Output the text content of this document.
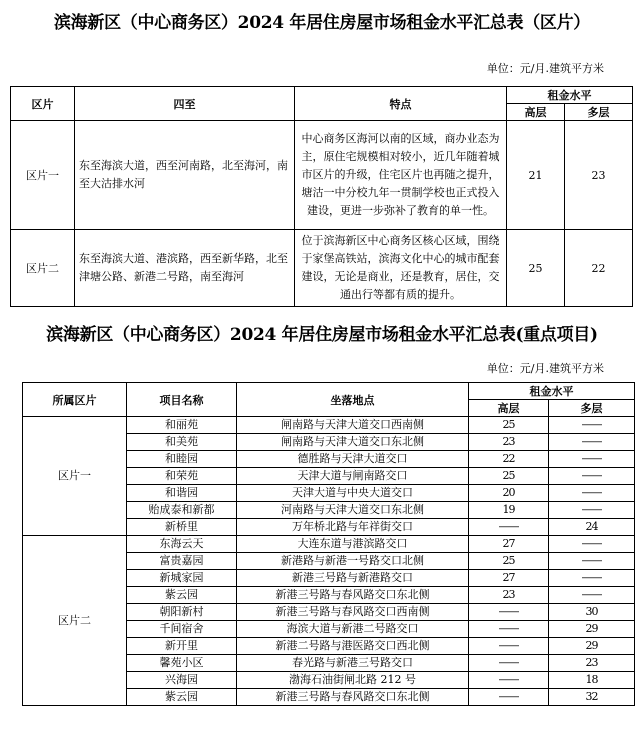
滨海新区（中心商务区）2024 年居住房屋市场租金水平汇总表（区片）
单位：元/月.建筑平方米
区片	四至	特点	租金水平	
			高层	多层
区片一	东至海滨大道，西至河南路，北至海河，南至大沽排水河	中心商务区海河以南的区域，商办业态为主，原住宅规模相对较小，近几年随着城市区片的升级，住宅区片也再随之提升，塘沽一中分校九年一贯制学校也正式投入建设，更进一步弥补了教育的单一性。	21	23
区片二	东至海滨大道、港滨路，西至新华路，北至津塘公路、新港二号路，南至海河	位于滨海新区中心商务区核心区域，围绕于家堡高铁站，滨海文化中心的城市配套建设，无论是商业，还是教育，居住，交通出行等都有质的提升。	25	22
滨海新区（中心商务区）2024 年居住房屋市场租金水平汇总表(重点项目)
单位：元/月.建筑平方米
所属区片	项目名称	坐落地点	租金水平	
			高层	多层
区片一	和丽苑	闸南路与天津大道交口西南侧	25	——
	和美苑	闸南路与天津大道交口东北侧	23	——
	和睦园	德胜路与天津大道交口	22	——
	和荣苑	天津大道与闸南路交口	25	——
	和谐园	天津大道与中央大道交口	20	——
	贻成泰和新都	河南路与天津大道交口东北侧	19	——
	新桥里	万年桥北路与年祥街交口	——	24
区片二	东海云天	大连东道与港滨路交口	27	——
	富贵嘉园	新港路与新港一号路交口北侧	25	——
	新城家园	新港三号路与新港路交口	27	——
	紫云园	新港三号路与春风路交口东北侧	23	——
	朝阳新村	新港三号路与春风路交口西南侧	——	30
	千间宿舍	海滨大道与新港二号路交口	——	29
	新开里	新港二号路与港医路交口西北侧	——	29
	馨苑小区	春光路与新港三号路交口	——	23
	兴海园	渤海石油街闸北路 212 号	——	18
	紫云园	新港三号路与春风路交口东北侧	——	32
